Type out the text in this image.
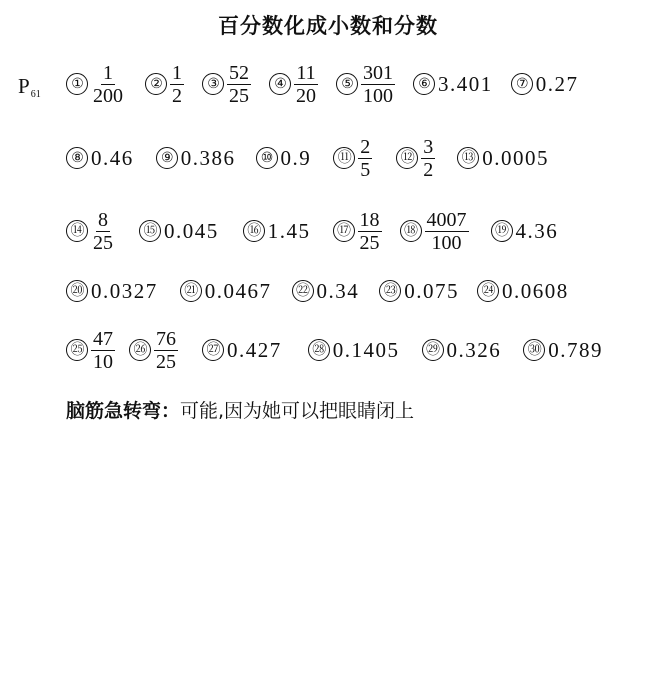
百分数化成小数和分数
$P_{61}$
① $\frac{1}{200}$	② $\frac{1}{2}$	③ $\frac{52}{25}$	④ $\frac{11}{20}$	⑤ $\frac{301}{100}$	⑥ 3.401	⑦ 0.27
⑧ 0.46	⑨ 0.386	⑩ 0.9	⑪ $\frac{2}{5}$	⑫ $\frac{3}{2}$	⑬ 0.0005
⑭ $\frac{8}{25}$	⑮ 0.045	⑯ 1.45	⑰ $\frac{18}{25}$	⑱ $\frac{4007}{100}$	⑲ 4.36
⑳ 0.0327	㉑ 0.0467	㉒ 0.34	㉓ 0.075	㉔ 0.0608
㉕ $\frac{47}{10}$	㉖ $\frac{76}{25}$	㉗ 0.427	㉘ 0.1405	㉙ 0.326	㉚ 0.789
脑筋急转弯：可能,因为她可以把眼睛闭上
